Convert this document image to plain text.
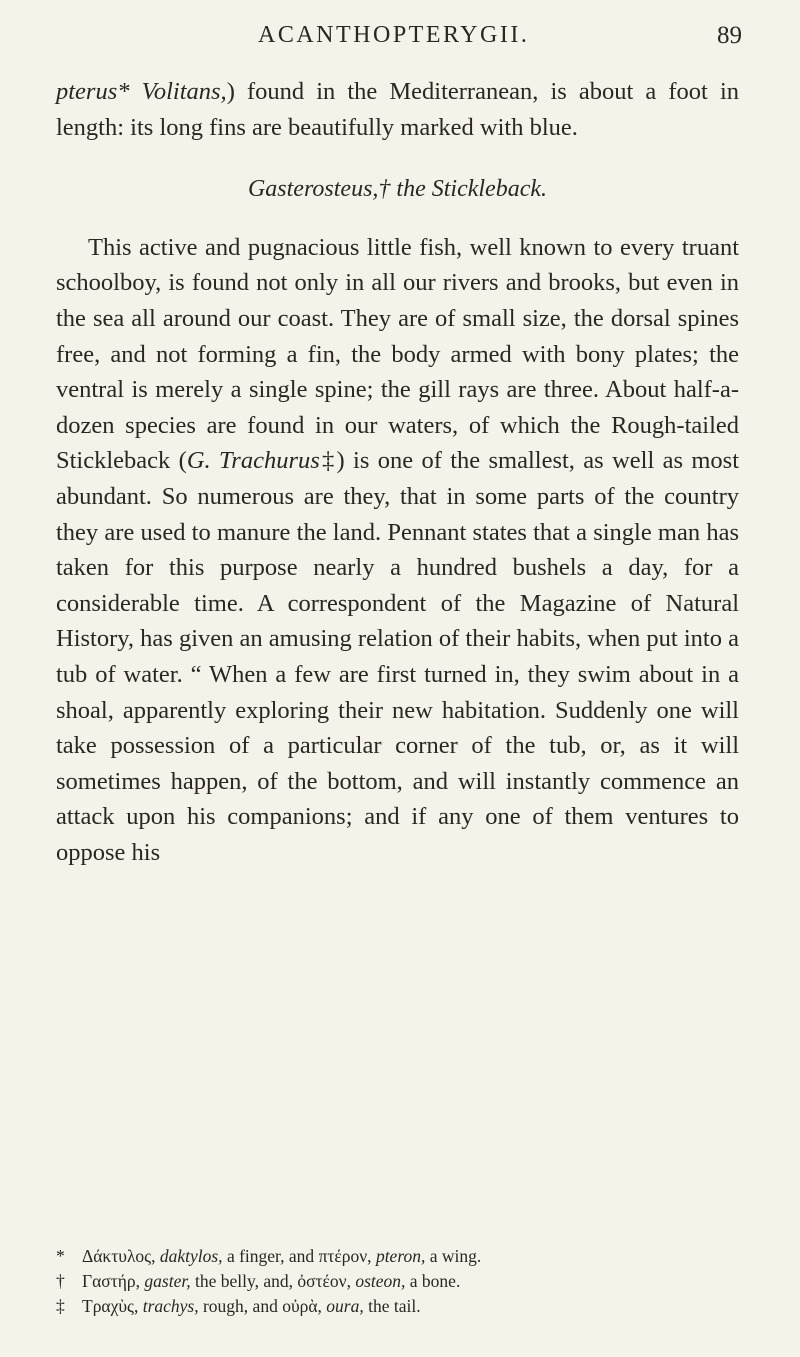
ACANTHOPTERYGII.	89

pterus* Volitans,) found in the Mediterranean, is about a foot in length: its long fins are beautifully marked with blue.

Gasterosteus,† the Stickleback.

This active and pugnacious little fish, well known to every truant schoolboy, is found not only in all our rivers and brooks, but even in the sea all around our coast. They are of small size, the dorsal spines free, and not forming a fin, the body armed with bony plates; the ventral is merely a single spine; the gill rays are three. About half-a-dozen species are found in our waters, of which the Rough-tailed Stickleback (G. Trachurus‡) is one of the smallest, as well as most abundant. So numerous are they, that in some parts of the country they are used to manure the land. Pennant states that a single man has taken for this purpose nearly a hundred bushels a day, for a considerable time. A correspondent of the Magazine of Natural History, has given an amusing relation of their habits, when put into a tub of water. “ When a few are first turned in, they swim about in a shoal, apparently exploring their new habitation. Suddenly one will take possession of a particular corner of the tub, or, as it will sometimes happen, of the bottom, and will instantly commence an attack upon his companions; and if any one of them ventures to oppose his

* Δάκτυλος, daktylos, a finger, and πτέρον, pteron, a wing.
† Γαστήρ, gaster, the belly, and, ὀστέον, osteon, a bone.
‡ Τραχὺς, trachys, rough, and οὐρὰ, oura, the tail.
